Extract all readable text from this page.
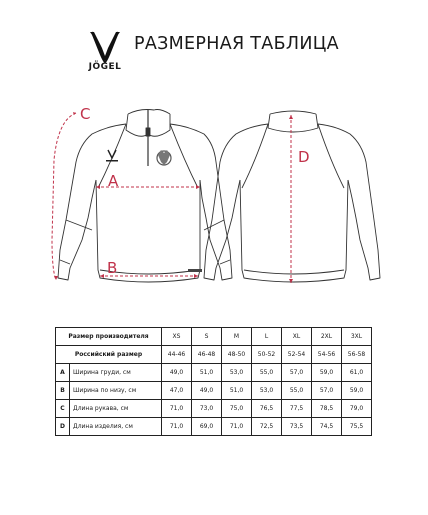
JÖGEL
РАЗМЕРНАЯ ТАБЛИЦА
C
A
B
D
Размер производителя		XS	S	M	L	XL	2XL	3XL
Российский размер		44-46	46-48	48-50	50-52	52-54	54-56	56-58
A	Ширина груди, см	49,0	51,0	53,0	55,0	57,0	59,0	61,0
B	Ширина по низу, см	47,0	49,0	51,0	53,0	55,0	57,0	59,0
C	Длина рукава, см	71,0	73,0	75,0	76,5	77,5	78,5	79,0
D	Длина изделия, см	71,0	69,0	71,0	72,5	73,5	74,5	75,5
